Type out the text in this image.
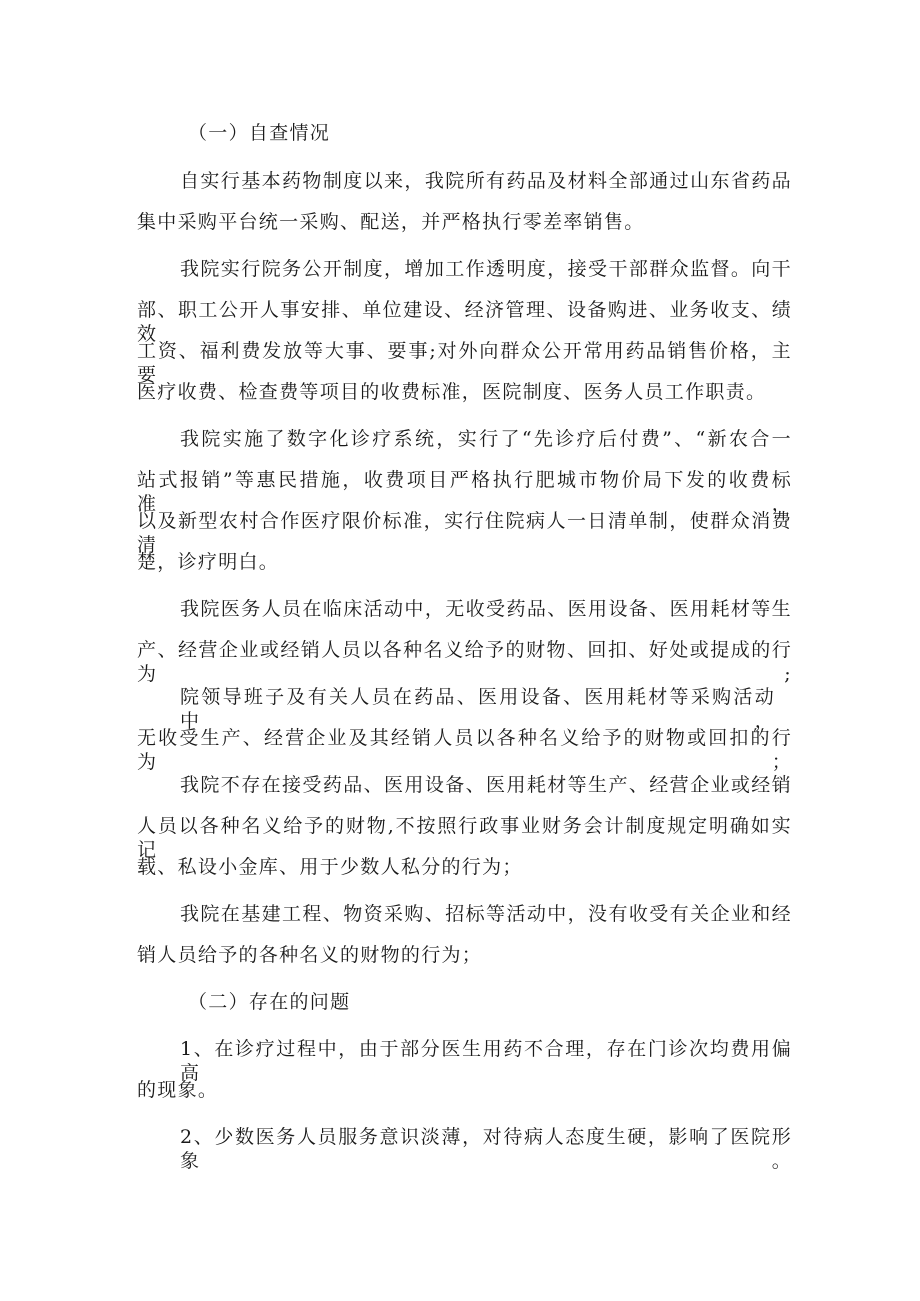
（一）自查情况
自实行基本药物制度以来，我院所有药品及材料全部通过山东省药品
集中采购平台统一采购、配送，并严格执行零差率销售。
我院实行院务公开制度，增加工作透明度，接受干部群众监督。向干
部、职工公开人事安排、单位建设、经济管理、设备购进、业务收支、绩效
工资、福利费发放等大事、要事;对外向群众公开常用药品销售价格，主要
医疗收费、检查费等项目的收费标准，医院制度、医务人员工作职责。
我院实施了数字化诊疗系统，实行了“先诊疗后付费”、“新农合一
站式报销”等惠民措施，收费项目严格执行肥城市物价局下发的收费标准，
以及新型农村合作医疗限价标准，实行住院病人一日清单制，使群众消费清
楚，诊疗明白。
我院医务人员在临床活动中，无收受药品、医用设备、医用耗材等生
产、经营企业或经销人员以各种名义给予的财物、回扣、好处或提成的行为;
院领导班子及有关人员在药品、医用设备、医用耗材等采购活动中，
无收受生产、经营企业及其经销人员以各种名义给予的财物或回扣的行为；
我院不存在接受药品、医用设备、医用耗材等生产、经营企业或经销
人员以各种名义给予的财物,不按照行政事业财务会计制度规定明确如实记
载、私设小金库、用于少数人私分的行为；
我院在基建工程、物资采购、招标等活动中，没有收受有关企业和经
销人员给予的各种名义的财物的行为；
（二）存在的问题
1、在诊疗过程中，由于部分医生用药不合理，存在门诊次均费用偏高
的现象。
2、少数医务人员服务意识淡薄，对待病人态度生硬，影响了医院形象。
